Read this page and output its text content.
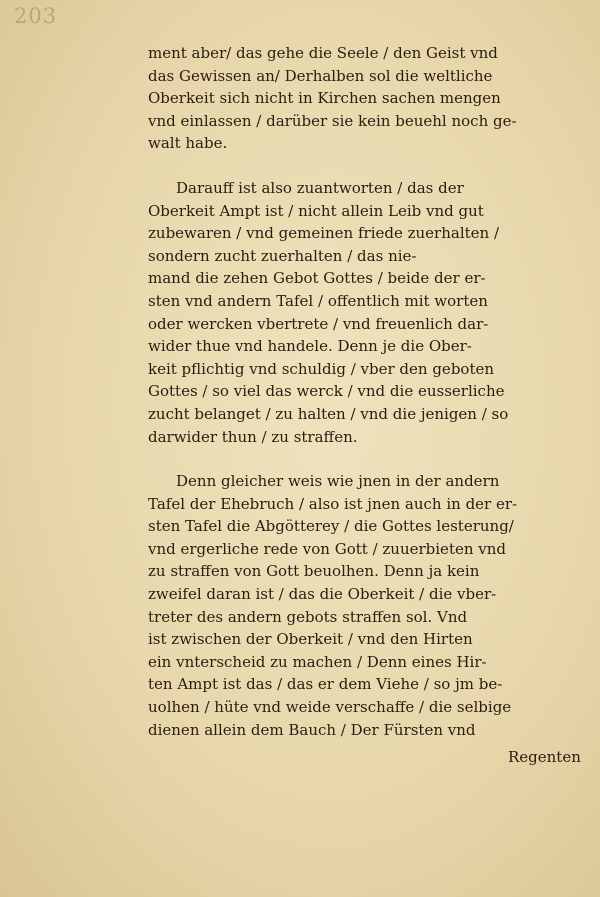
203

ment aber/ das gehe die Seele / den Geist vnd
das Gewissen an/ Derhalben sol die weltliche
Oberkeit sich nicht in Kirchen sachen mengen
vnd einlassen / darüber sie kein beuehl noch ge-
walt habe.

Darauff ist also zuantworten / das der
Oberkeit Ampt ist / nicht allein Leib vnd gut
zubewaren / vnd gemeinen friede zuerhalten /
sondern zucht zuerhalten / das nie-
mand die zehen Gebot Gottes / beide der er-
sten vnd andern Tafel / offentlich mit worten
oder wercken vbertrete / vnd freuenlich dar-
wider thue vnd handele. Denn je die Ober-
keit pflichtig vnd schuldig / vber den geboten
Gottes / so viel das werck / vnd die eusserliche
zucht belanget / zu halten / vnd die jenigen / so
darwider thun / zu straffen.

Denn gleicher weis wie jnen in der andern
Tafel der Ehebruch / also ist jnen auch in der er-
sten Tafel die Abgötterey / die Gottes lesterung/
vnd ergerliche rede von Gott / zuuerbieten vnd
zu straffen von Gott beuolhen. Denn ja kein
zweifel daran ist / das die Oberkeit / die vber-
treter des andern gebots straffen sol. Vnd
ist zwischen der Oberkeit / vnd den Hirten
ein vnterscheid zu machen / Denn eines Hir-
ten Ampt ist das / das er dem Viehe / so jm be-
uolhen / hüte vnd weide verschaffe / die selbige
dienen allein dem Bauch / Der Fürsten vnd

Regenten
